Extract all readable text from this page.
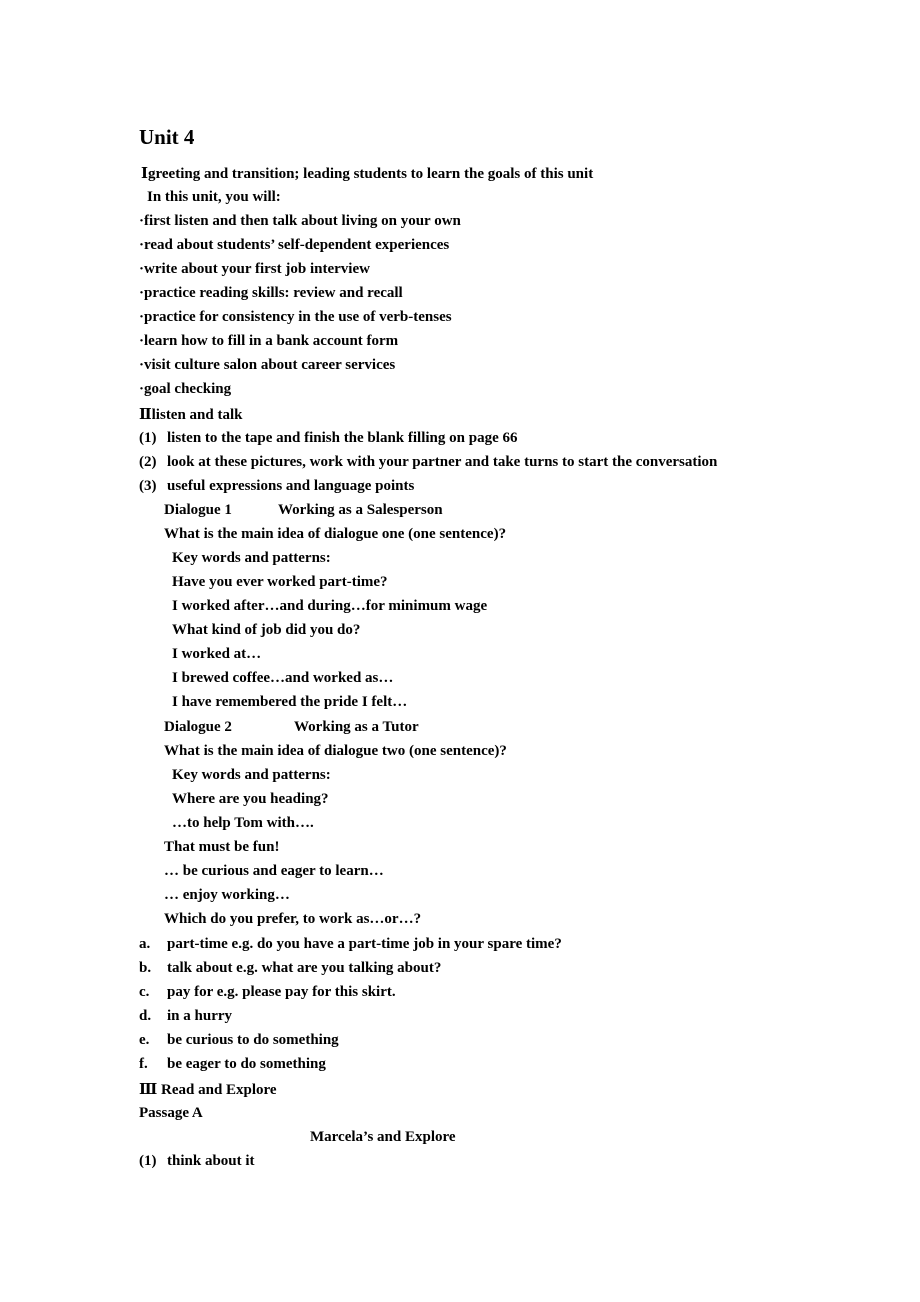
Unit 4
Ⅰgreeting and transition; leading students to learn the goals of this unit
In this unit, you will:
·first listen and then talk about living on your own
·read about students’ self-dependent experiences
·write about your first job interview
·practice reading skills: review and recall
·practice for consistency in the use of verb-tenses
·learn how to fill in a bank account form
·visit culture salon about career services
·goal checking
Ⅱlisten and talk
(1) listen to the tape and finish the blank filling on page 66
(2) look at these pictures, work with your partner and take turns to start the conversation
(3) useful expressions and language points
Dialogue 1	Working as a Salesperson
What is the main idea of dialogue one (one sentence)?
Key words and patterns:
Have you ever worked part-time?
I worked after…and during…for minimum wage
What kind of job did you do?
I worked at…
I brewed coffee…and worked as…
I have remembered the pride I felt…
Dialogue 2	Working as a Tutor
What is the main idea of dialogue two (one sentence)?
Key words and patterns:
Where are you heading?
…to help Tom with….
That must be fun!
… be curious and eager to learn…
… enjoy working…
Which do you prefer, to work as…or…?
a. part-time e.g. do you have a part-time job in your spare time?
b. talk about e.g. what are you talking about?
c. pay for e.g. please pay for this skirt.
d. in a hurry
e. be curious to do something
f. be eager to do something
Ⅲ Read and Explore
Passage A
Marcela’s and Explore
(1) think about it
